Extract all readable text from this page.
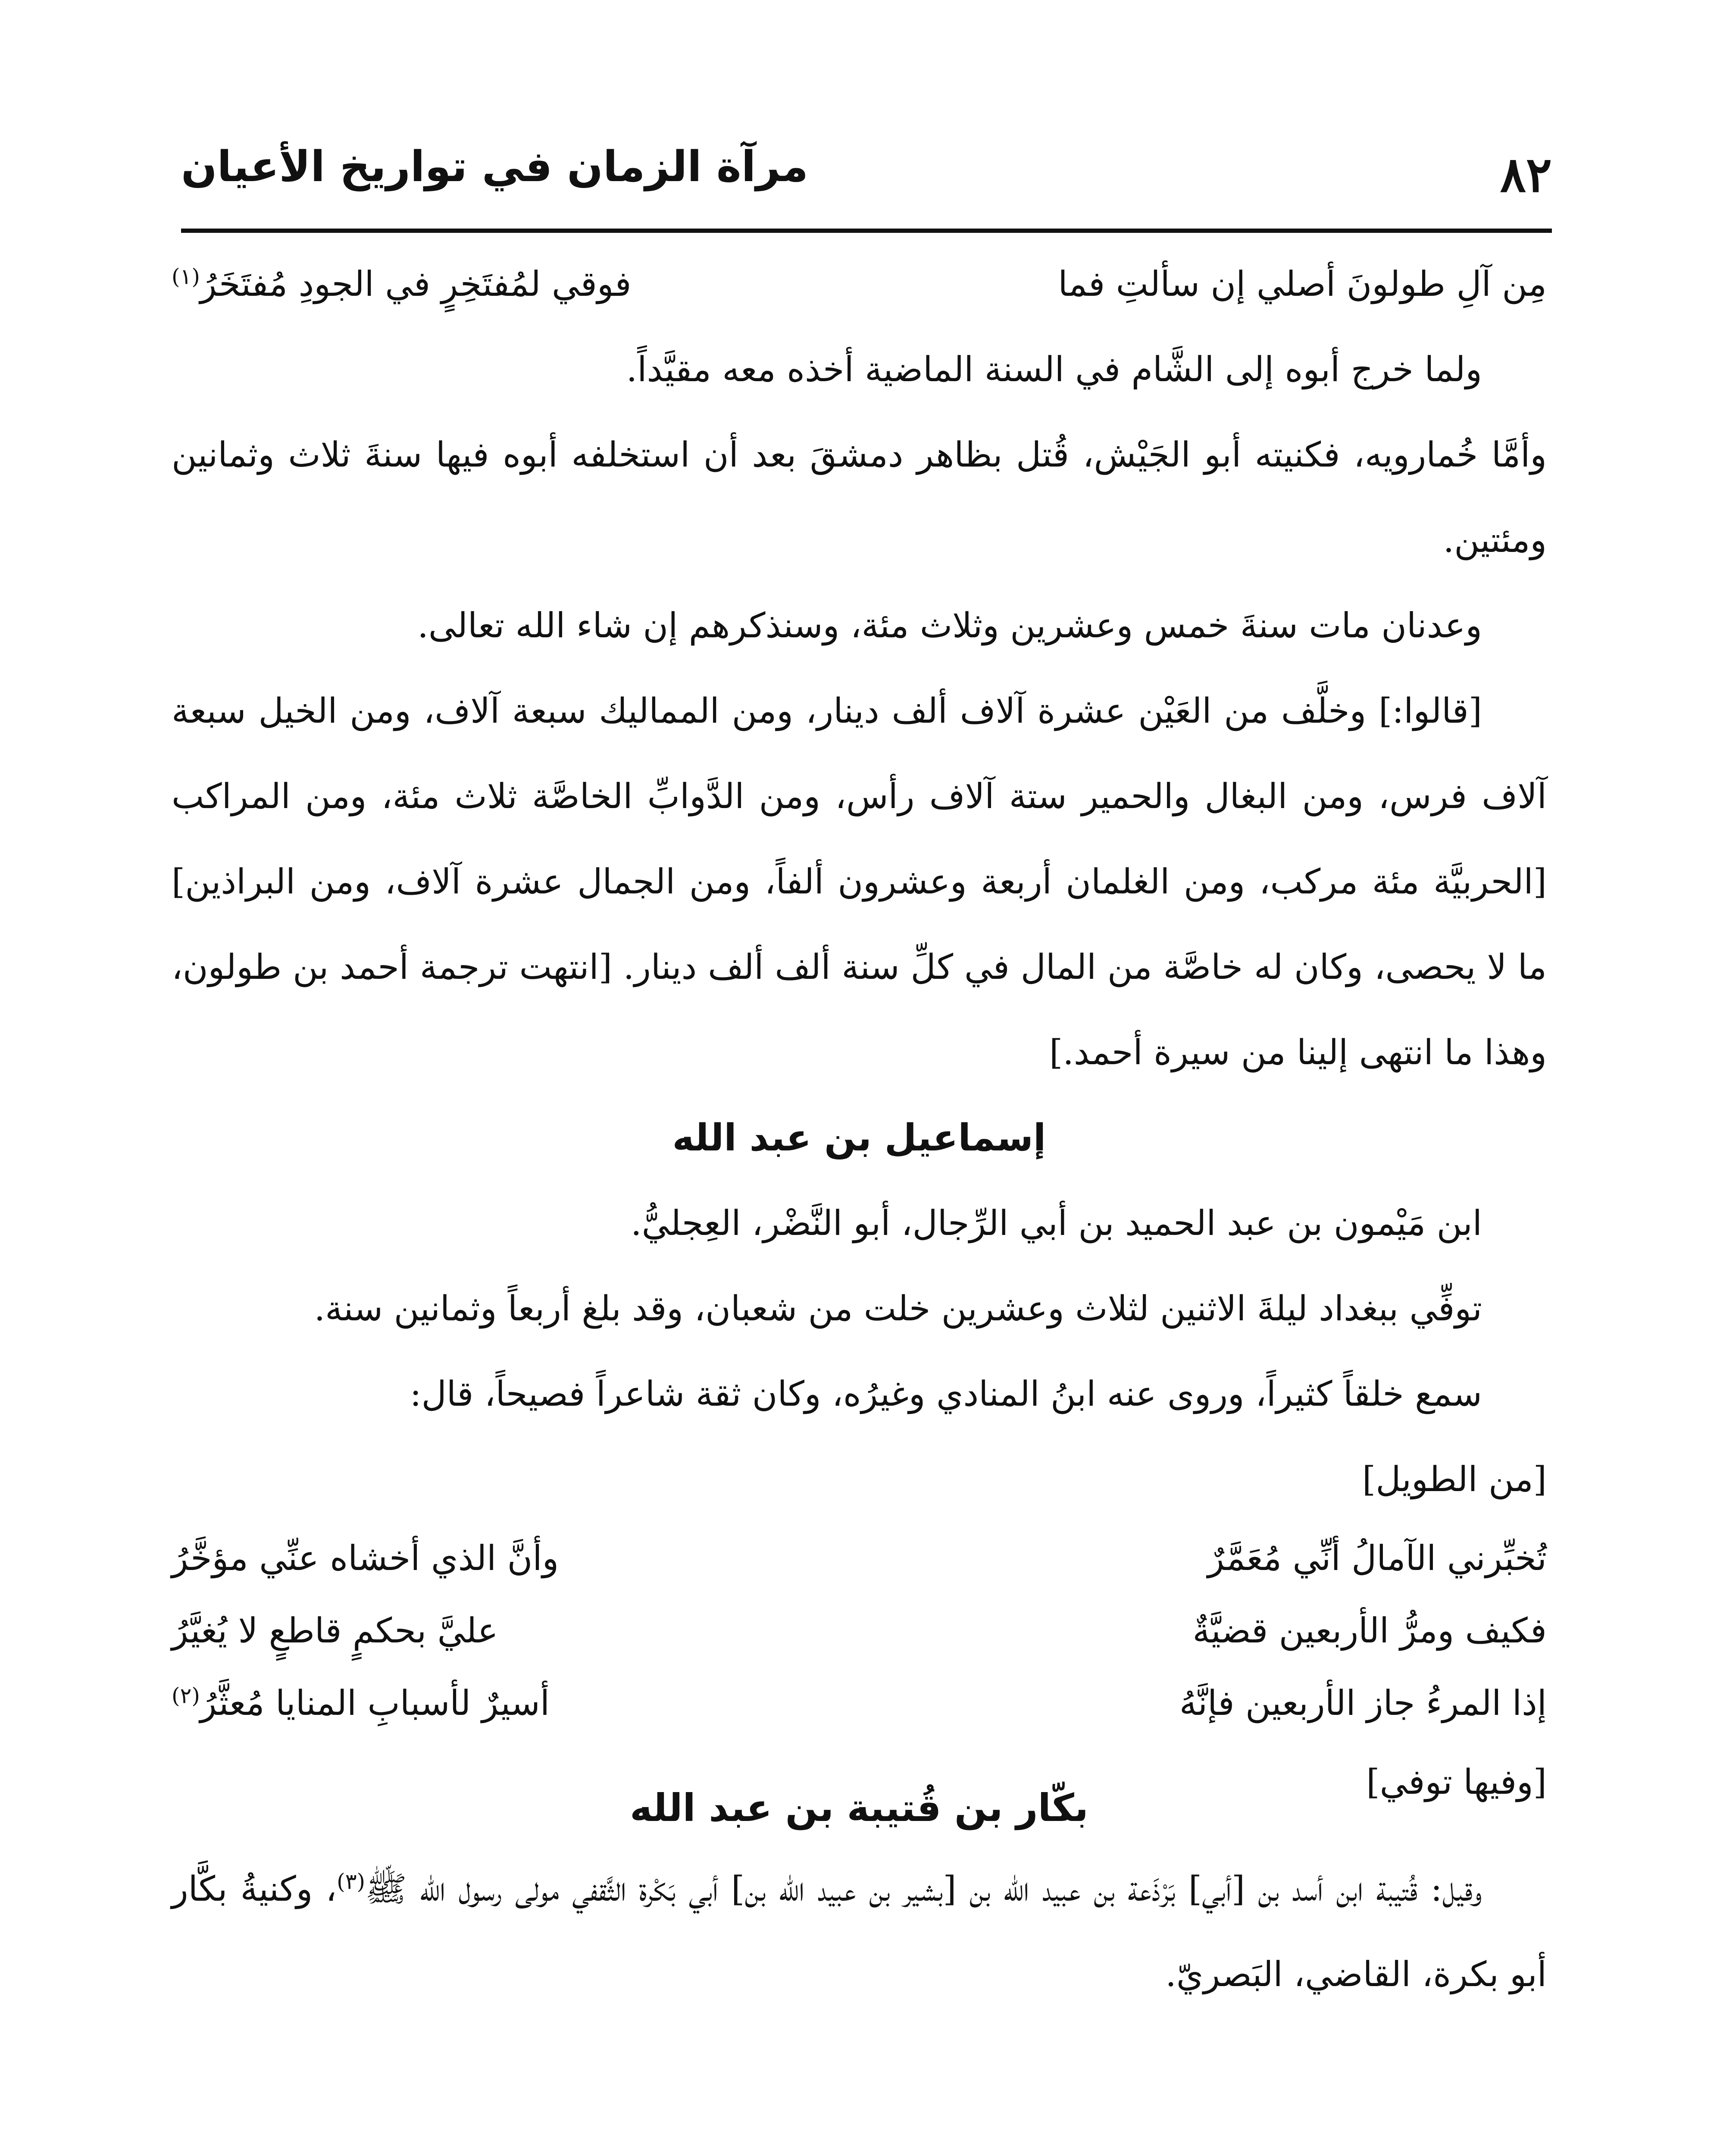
٨٢
مرآة الزمان في تواريخ الأعيان
مِن آلِ طولونَ أصلي إن سألتِ فما
فوقي لمُفتَخِرٍ في الجودِ مُفتَخَرُ$^{(١)}$

ولما خرج أبوه إلى الشَّام في السنة الماضية أخذه معه مقيَّداً.

وأمَّا خُمارويه، فكنيته أبو الجَيْش، قُتل بظاهر دمشقَ بعد أن استخلفه أبوه فيها سنةَ ثلاث وثمانين ومئتين.

وعدنان مات سنةَ خمس وعشرين وثلاث مئة، وسنذكرهم إن شاء الله تعالى.

[قالوا:] وخلَّف من العَيْن عشرة آلاف ألف دينار، ومن المماليك سبعة آلاف، ومن الخيل سبعة آلاف فرس، ومن البغال والحمير ستة آلاف رأس، ومن الدَّوابِّ الخاصَّة ثلاث مئة، ومن المراكب [الحربيَّة مئة مركب، ومن الغلمان أربعة وعشرون ألفاً، ومن الجمال عشرة آلاف، ومن البراذين] ما لا يحصى، وكان له خاصَّة من المال في كلِّ سنة ألف ألف دينار. [انتهت ترجمة أحمد بن طولون، وهذا ما انتهى إلينا من سيرة أحمد.]

إسماعيل بن عبد الله

ابن مَيْمون بن عبد الحميد بن أبي الرِّجال، أبو النَّضْر، العِجليُّ.

توفِّي ببغداد ليلةَ الاثنين لثلاث وعشرين خلت من شعبان، وقد بلغ أربعاً وثمانين سنة.

سمع خلقاً كثيراً، وروى عنه ابنُ المنادي وغيرُه، وكان ثقة شاعراً فصيحاً، قال:

[من الطويل]

تُخبِّرني الآمالُ أنِّي مُعَمَّرٌ
وأنَّ الذي أخشاه عنِّي مؤخَّرُ
فكيف ومرُّ الأربعين قضيَّةٌ
عليَّ بحكمٍ قاطعٍ لا يُغيَّرُ
إذا المرءُ جاز الأربعين فإنَّهُ
أسيرٌ لأسبابِ المنايا مُعثَّرُ$^{(٢)}$
[وفيها توفي]
بكّار بن قُتيبة بن عبد الله

وقيل: قُتيبة ابن أسد بن [أبي] بَرْذَعة بن عبيد الله بن [بشير بن عبيد الله بن] أبي بَكْرة الثَّقفي مولى رسول الله ﷺ$^{(٣)}$، وكنيةُ بكَّار أبو بكرة، القاضي، البَصريّ.
